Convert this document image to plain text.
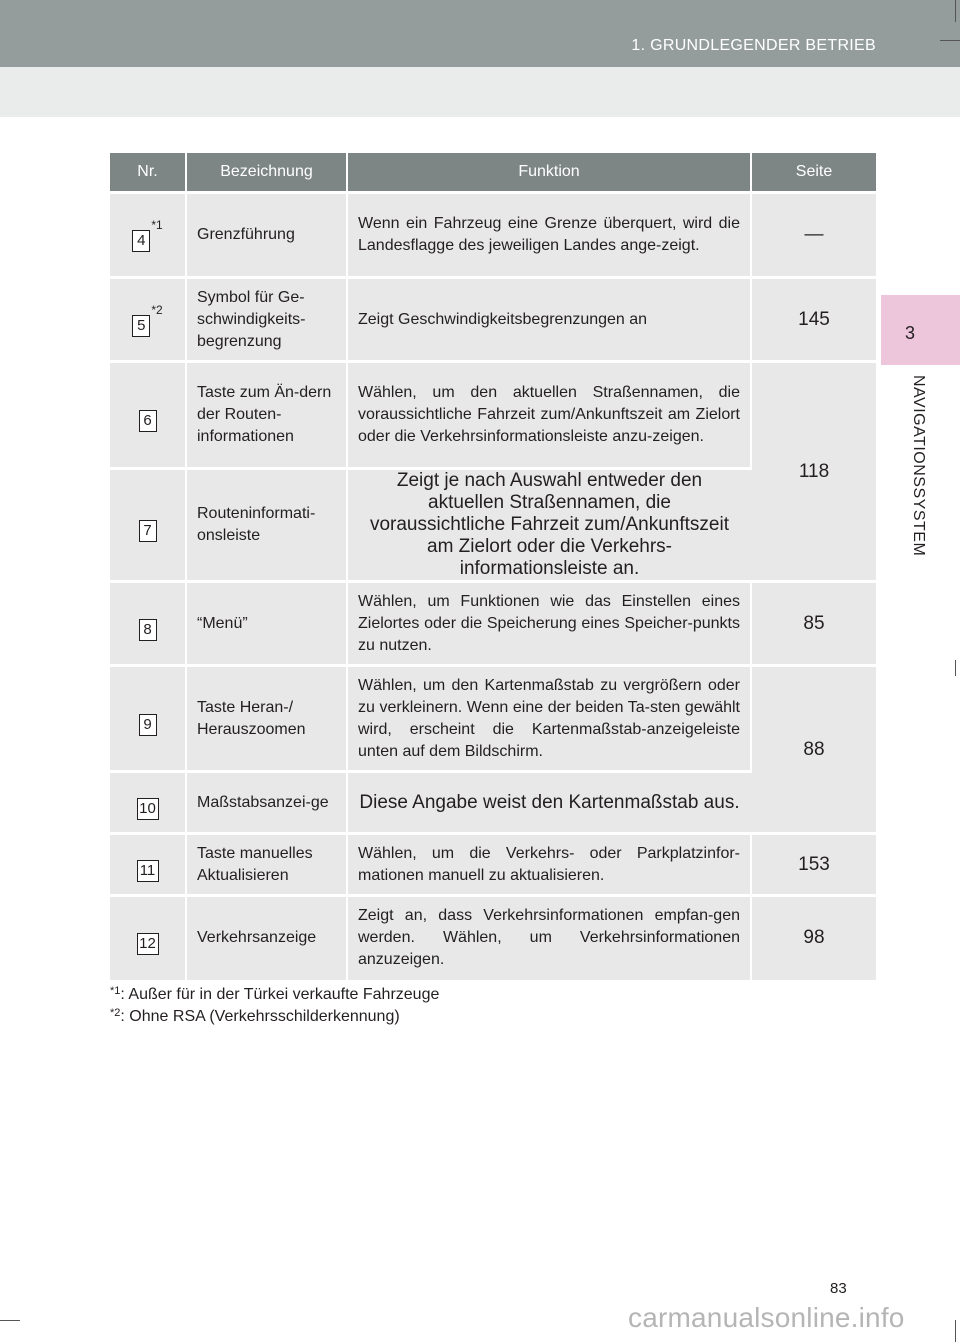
1. GRUNDLEGENDER BETRIEB
3
NAVIGATIONSSYSTEM
Nr.	Bezeichnung	Funktion	Seite
4$^{*1}$	Grenzführung	Wenn ein Fahrzeug eine Grenze überquert, wird die Landesflagge des jeweiligen Landes ange-zeigt.	—
5$^{*2}$	Symbol für Ge-schwindigkeits-begrenzung	Zeigt Geschwindigkeitsbegrenzungen an	145
6	Taste zum Än-dern der Routen-informationen	Wählen, um den aktuellen Straßennamen, die voraussichtliche Fahrzeit zum/Ankunftszeit am Zielort oder die Verkehrsinformationsleiste anzu-zeigen.	118
7	Routeninformati-onsleiste	Zeigt je nach Auswahl entweder den aktuellen Straßennamen, die voraussichtliche Fahrzeit zum/Ankunftszeit am Zielort oder die Verkehrs-informationsleiste an.	
8	“Menü”	Wählen, um Funktionen wie das Einstellen eines Zielortes oder die Speicherung eines Speicher-punkts zu nutzen.	85
9	Taste Heran-/ Herauszoomen	Wählen, um den Kartenmaßstab zu vergrößern oder zu verkleinern. Wenn eine der beiden Ta-sten gewählt wird, erscheint die Kartenmaßstab-anzeigeleiste unten auf dem Bildschirm.	88
10	Maßstabsanzei-ge	Diese Angabe weist den Kartenmaßstab aus.	
11	Taste manuelles Aktualisieren	Wählen, um die Verkehrs- oder Parkplatzinfor-mationen manuell zu aktualisieren.	153
12	Verkehrsanzeige	Zeigt an, dass Verkehrsinformationen empfan-gen werden. Wählen, um Verkehrsinformationen anzuzeigen.	98
$^{*1}$: Außer für in der Türkei verkaufte Fahrzeuge
$^{*2}$: Ohne RSA (Verkehrsschilderkennung)
83
carmanualsonline.info
